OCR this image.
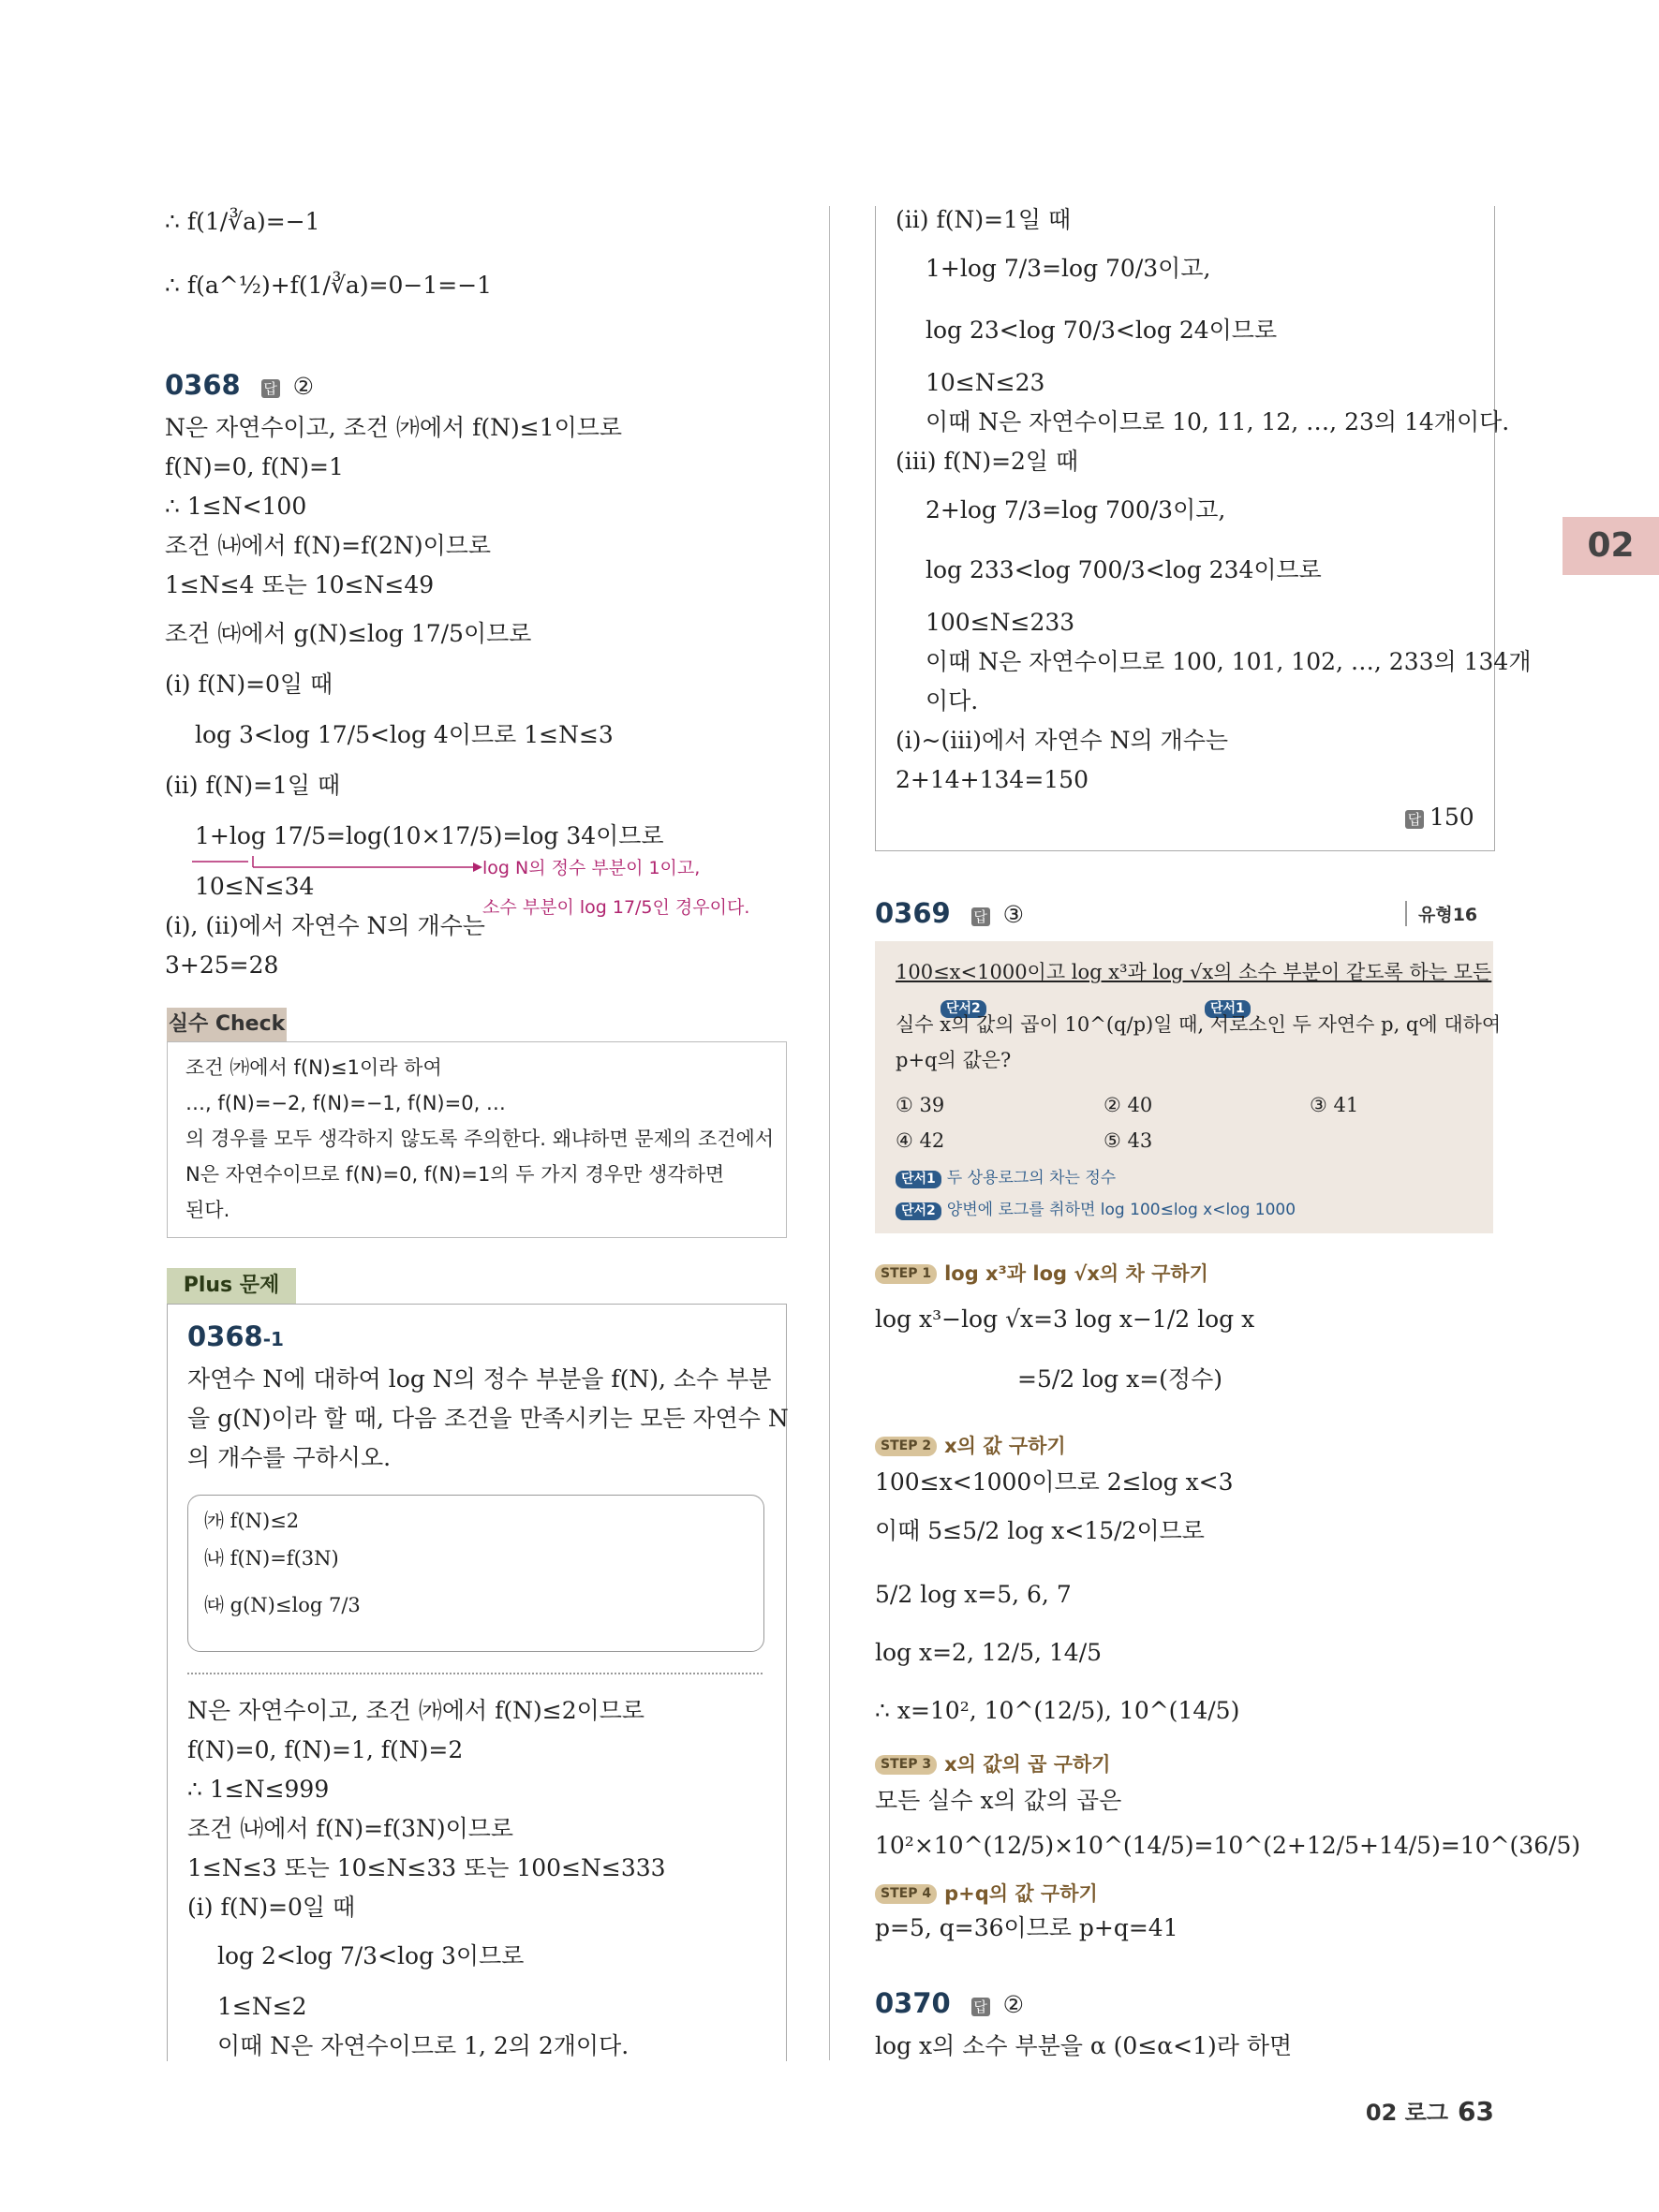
실수 Check
Plus 문제
02
∴ f(1/∛a)=−1
∴ f(a^½)+f(1/∛a)=0−1=−1
0368 답 ②
N은 자연수이고, 조건 ㈎에서 f(N)≤1이므로
f(N)=0, f(N)=1
∴ 1≤N<100
조건 ㈏에서 f(N)=f(2N)이므로
1≤N≤4 또는 10≤N≤49
조건 ㈐에서 g(N)≤log 17/5이므로
(i) f(N)=0일 때
log 3<log 17/5<log 4이므로 1≤N≤3
(ii) f(N)=1일 때
1+log 17/5=log(10×17/5)=log 34이므로
10≤N≤34
(i), (ii)에서 자연수 N의 개수는
3+25=28
log N의 정수 부분이 1이고,
소수 부분이 log 17/5인 경우이다.
조건 ㈎에서 f(N)≤1이라 하여
…, f(N)=−2, f(N)=−1, f(N)=0, …
의 경우를 모두 생각하지 않도록 주의한다. 왜냐하면 문제의 조건에서
N은 자연수이므로 f(N)=0, f(N)=1의 두 가지 경우만 생각하면
된다.
0368-1
자연수 N에 대하여 log N의 정수 부분을 f(N), 소수 부분
을 g(N)이라 할 때, 다음 조건을 만족시키는 모든 자연수 N
의 개수를 구하시오.
㈎ f(N)≤2
㈏ f(N)=f(3N)
㈐ g(N)≤log 7/3
N은 자연수이고, 조건 ㈎에서 f(N)≤2이므로
f(N)=0, f(N)=1, f(N)=2
∴ 1≤N≤999
조건 ㈏에서 f(N)=f(3N)이므로
1≤N≤3 또는 10≤N≤33 또는 100≤N≤333
(i) f(N)=0일 때
log 2<log 7/3<log 3이므로
1≤N≤2
이때 N은 자연수이므로 1, 2의 2개이다.
(ii) f(N)=1일 때
1+log 7/3=log 70/3이고,
log 23<log 70/3<log 24이므로
10≤N≤23
이때 N은 자연수이므로 10, 11, 12, …, 23의 14개이다.
(iii) f(N)=2일 때
2+log 7/3=log 700/3이고,
log 233<log 700/3<log 234이므로
100≤N≤233
이때 N은 자연수이므로 100, 101, 102, …, 233의 134개
이다.
(i)~(iii)에서 자연수 N의 개수는
2+14+134=150
답 150
0369 답 ③	유형16
100≤x<1000이고 log x³과 log √x의 소수 부분이 같도록 하는 모든
단서2	단서1
실수 x의 값의 곱이 10^(q/p)일 때, 서로소인 두 자연수 p, q에 대하여
p+q의 값은?
① 39	② 40	③ 41
④ 42	⑤ 43
단서1 두 상용로그의 차는 정수
단서2 양변에 로그를 취하면 log 100≤log x<log 1000
STEP 1 log x³과 log √x의 차 구하기
log x³−log √x=3 log x−1/2 log x
=5/2 log x=(정수)
STEP 2 x의 값 구하기
100≤x<1000이므로 2≤log x<3
이때 5≤5/2 log x<15/2이므로
5/2 log x=5, 6, 7
log x=2, 12/5, 14/5
∴ x=10², 10^(12/5), 10^(14/5)
STEP 3 x의 값의 곱 구하기
모든 실수 x의 값의 곱은
10²×10^(12/5)×10^(14/5)=10^(2+12/5+14/5)=10^(36/5)
STEP 4 p+q의 값 구하기
p=5, q=36이므로 p+q=41
0370 답 ②
log x의 소수 부분을 α (0≤α<1)라 하면
02 로그 63
